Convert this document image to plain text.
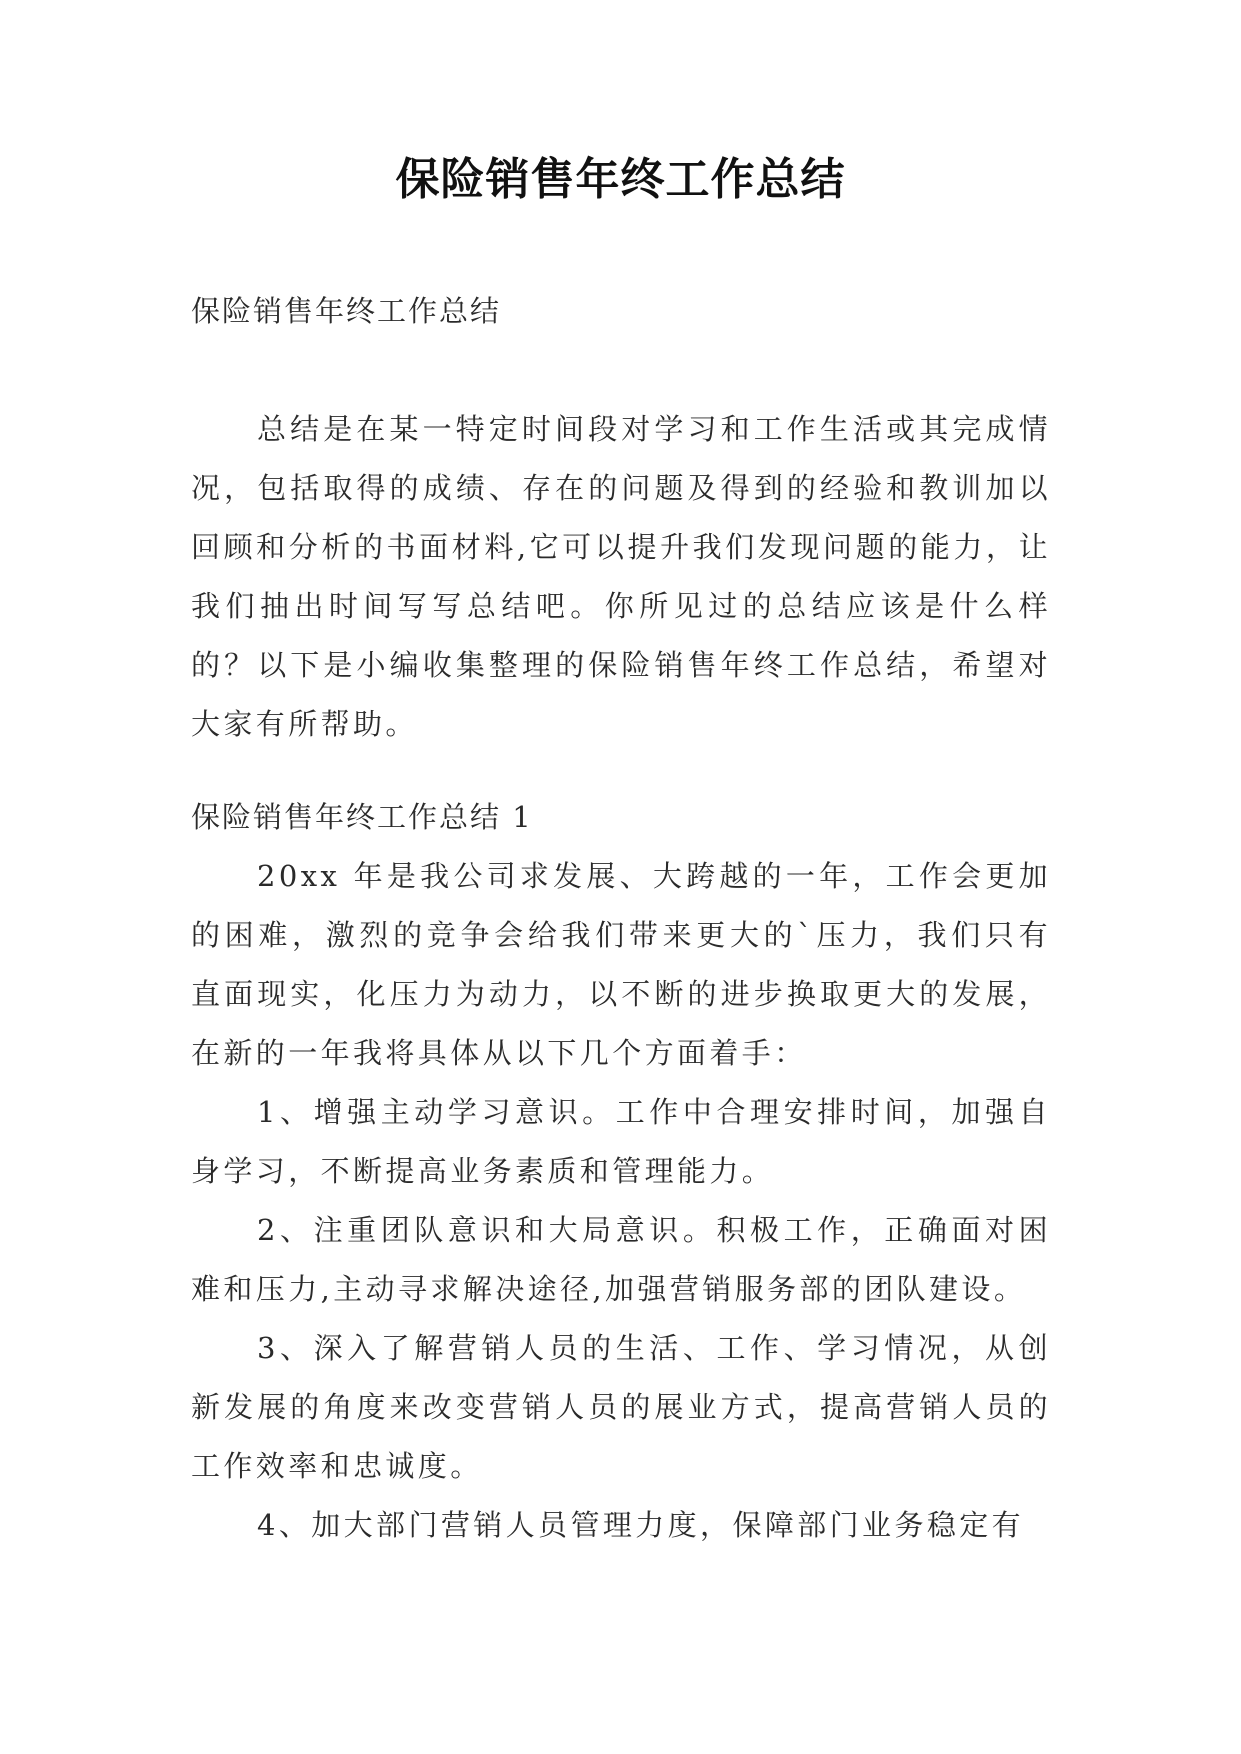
保险销售年终工作总结
保险销售年终工作总结

总结是在某一特定时间段对学习和工作生活或其完成情况，包括取得的成绩、存在的问题及得到的经验和教训加以回顾和分析的书面材料,它可以提升我们发现问题的能力，让我们抽出时间写写总结吧。你所见过的总结应该是什么样的？以下是小编收集整理的保险销售年终工作总结，希望对大家有所帮助。

保险销售年终工作总结 1

20xx 年是我公司求发展、大跨越的一年，工作会更加的困难，激烈的竞争会给我们带来更大的`压力，我们只有直面现实，化压力为动力，以不断的进步换取更大的发展，在新的一年我将具体从以下几个方面着手：

1、增强主动学习意识。工作中合理安排时间，加强自身学习，不断提高业务素质和管理能力。

2、注重团队意识和大局意识。积极工作，正确面对困难和压力,主动寻求解决途径,加强营销服务部的团队建设。

3、深入了解营销人员的生活、工作、学习情况，从创新发展的角度来改变营销人员的展业方式，提高营销人员的工作效率和忠诚度。

4、加大部门营销人员管理力度，保障部门业务稳定有
